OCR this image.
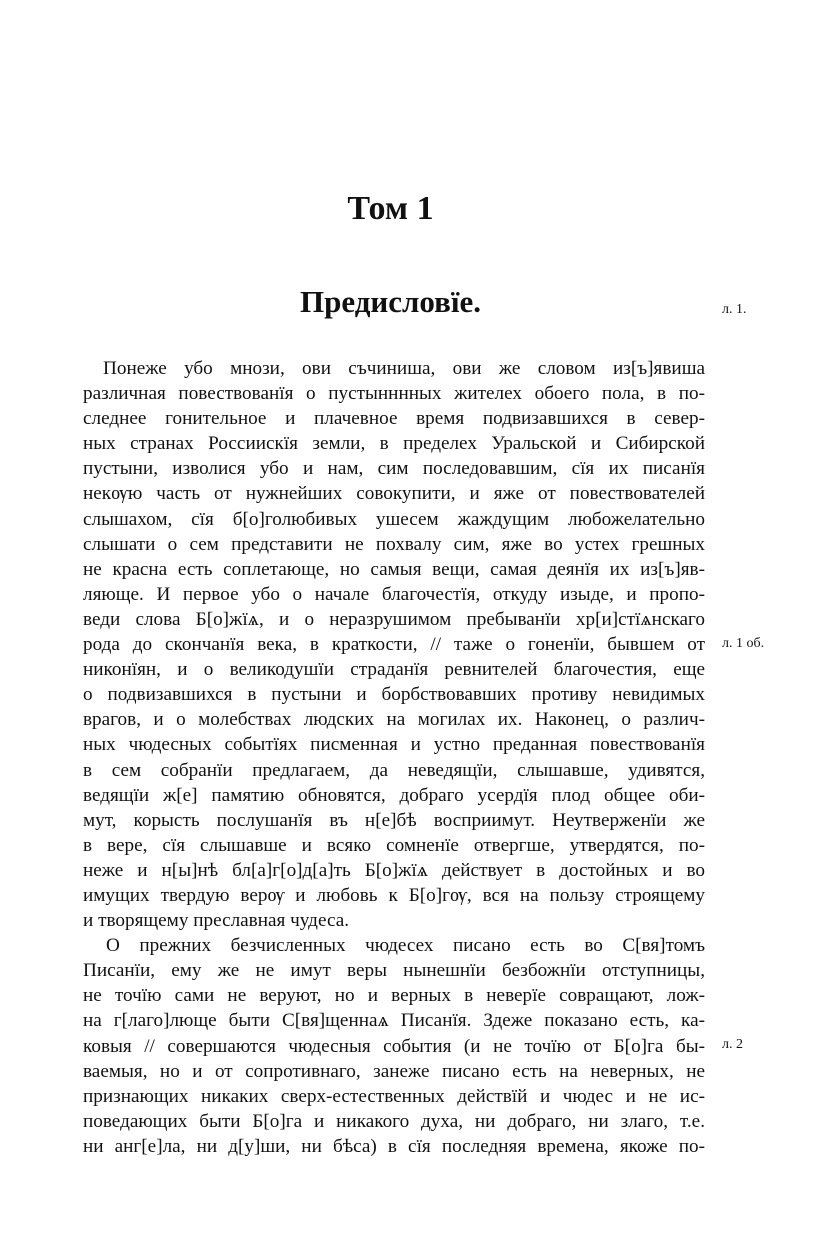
Том 1
Предисловїе.	л. 1.
л. 1 об.
л. 2
Понеже убо мнози, ови съчиниша, ови же словом из[ъ]явиша
различная повествованїя о пустынннных жителех обоего пола, в по-
следнее гонительное и плачевное время подвизавшихся в север-
ных странах Россиискїя земли, в пределех Уральской и Сибирской
пустыни, изволися убо и нам, сим последовавшим, сїя их писанїя
некѹю часть от нужнейших совокупити, и яже от повествователей
слышахом, сїя б[о]голюбивых ушесем жаждущим любожелательно
слышати о сем представити не похвалу сим, яже во устех грешных
не красна есть соплетающе, но самыя вещи, самая деянїя их из[ъ]яв-
ляюще. И первое убо о начале благочестїя, откуду изыде, и пропо-
веди слова Б[о]жїѧ, и о неразрушимом пребыванїи хр[и]стїѧнскаго
рода до скончанїя века, в краткости, // таже о гоненїи, бывшем от
никонїян, и о великодушїи страданїя ревнителей благочестия, еще
о подвизавшихся в пустыни и борбствовавших противу невидимых
врагов, и о молебствах людских на могилах их. Наконец, о различ-
ных чюдесных событїях писменная и устно преданная повествованїя
в сем собранїи предлагаем, да неведящїи, слышавше, удивятся,
ведящїи ж[е] памятию обновятся, добраго усердїя плод общее оби-
мут, корысть послушанїя въ н[е]бѣ восприимут. Неутверженїи же
в вере, сїя слышавше и всяко сомненїе отвергше, утвердятся, по-
неже и н[ы]нѣ бл[а]г[о]д[а]ть Б[о]жїѧ действует в достойных и во
имущих твердую верѹ и любовь к Б[о]гѹ, вся на пользу строящему
и творящему преславная чудеса.
О прежних безчисленных чюдесех писано есть во С[вя]томъ
Писанїи, ему же не имут веры нынешнїи безбожнїи отступницы,
не точїю сами не веруют, но и верных в неверїе совращают, лож-
на г[лаго]лющe быти С[вя]щеннаѧ Писанїя. Здеже показано есть, ка-
ковыя // совершаются чюдесныя события (и не точїю от Б[о]га бы-
ваемыя, но и от сопротивнаго, занеже писано есть на неверных, не
признающих никаких сверх-естественных действїй и чюдес и не ис-
поведающих быти Б[о]га и никакого духа, ни добраго, ни злаго, т.е.
ни анг[е]ла, ни д[у]ши, ни бѣса) в сїя последняя времена, якоже по-
